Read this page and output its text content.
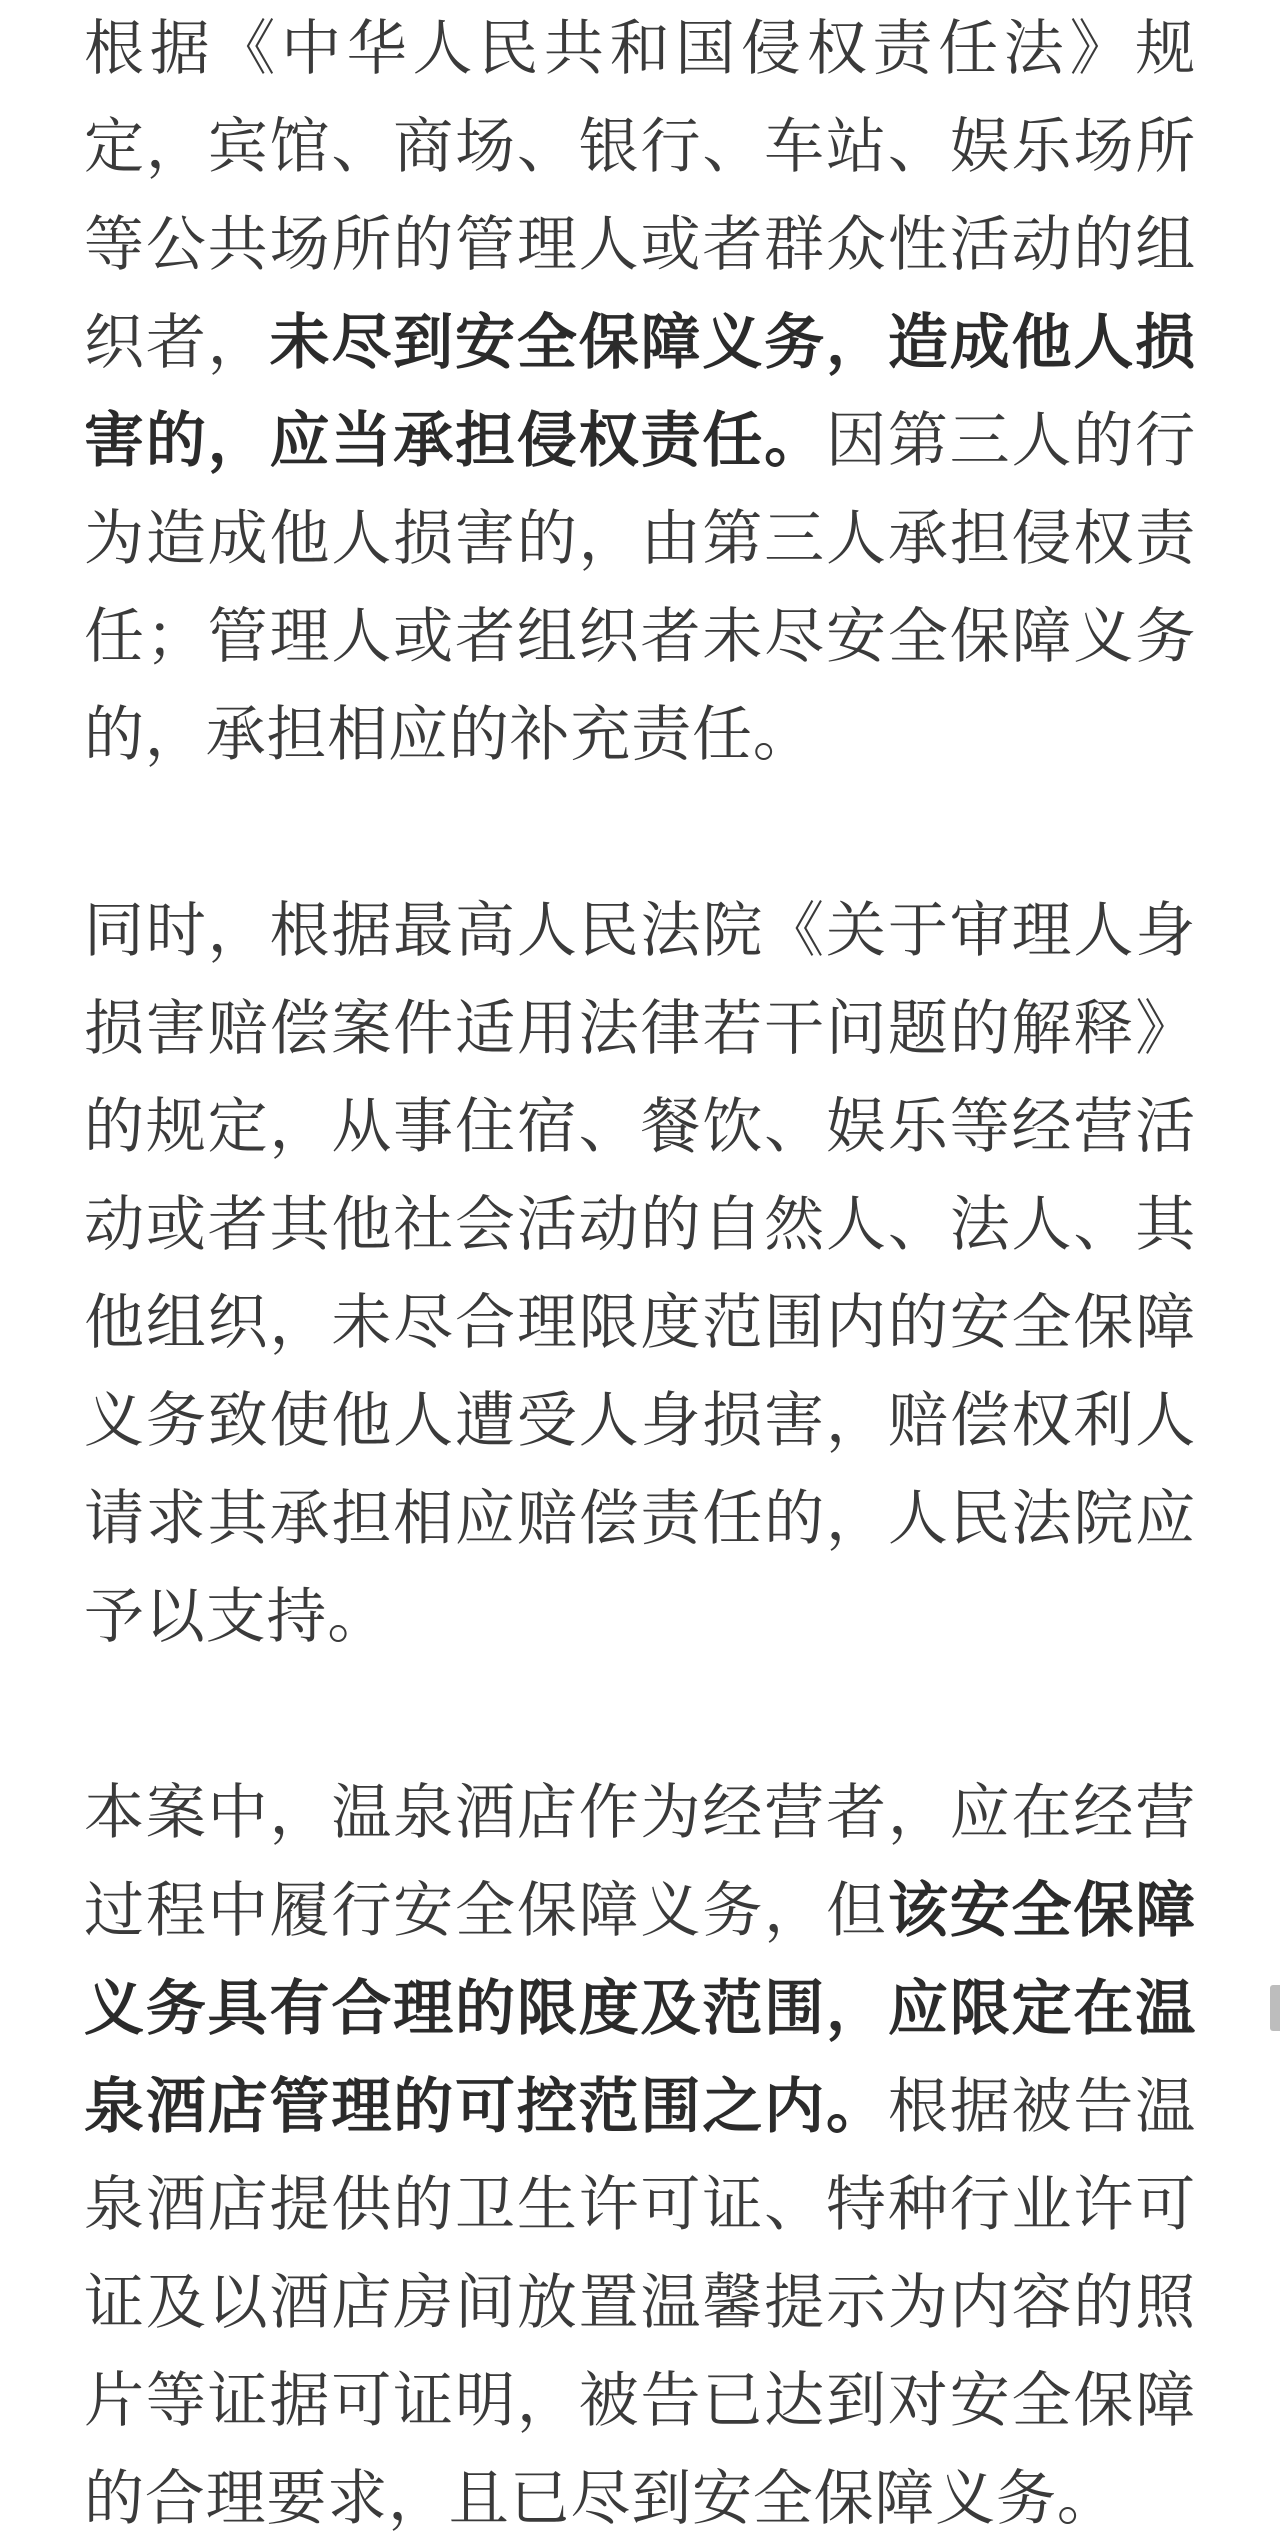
根据《中华人民共和国侵权责任法》规定，宾馆、商场、银行、车站、娱乐场所等公共场所的管理人或者群众性活动的组织者，未尽到安全保障义务，造成他人损害的，应当承担侵权责任。因第三人的行为造成他人损害的，由第三人承担侵权责任；管理人或者组织者未尽安全保障义务的，承担相应的补充责任。

同时，根据最高人民法院《关于审理人身损害赔偿案件适用法律若干问题的解释》的规定，从事住宿、餐饮、娱乐等经营活动或者其他社会活动的自然人、法人、其他组织，未尽合理限度范围内的安全保障义务致使他人遭受人身损害，赔偿权利人请求其承担相应赔偿责任的，人民法院应予以支持。

本案中，温泉酒店作为经营者，应在经营过程中履行安全保障义务，但该安全保障义务具有合理的限度及范围，应限定在温泉酒店管理的可控范围之内。根据被告温泉酒店提供的卫生许可证、特种行业许可证及以酒店房间放置温馨提示为内容的照片等证据可证明，被告已达到对安全保障的合理要求，且已尽到安全保障义务。
